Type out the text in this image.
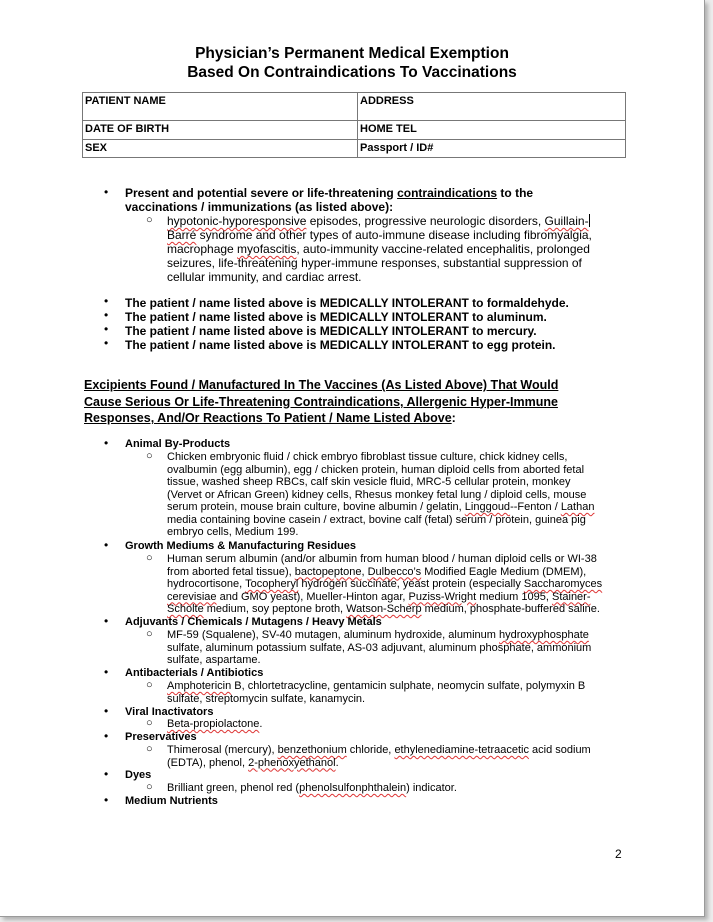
Physician’s Permanent Medical Exemption
Based On Contraindications To Vaccinations
PATIENT NAME	ADDRESS
DATE OF BIRTH	HOME TEL
SEX	Passport / ID#
• Present and potential severe or life-threatening contraindications to the
vaccinations / immunizations (as listed above):
○ hypotonic-hyporesponsive episodes, progressive neurologic disorders, Guillain-
Barré syndrome and other types of auto-immune disease including fibromyalgia,
macrophage myofascitis, auto-immunity vaccine-related encephalitis, prolonged
seizures, life-threatening hyper-immune responses, substantial suppression of
cellular immunity, and cardiac arrest.
• The patient / name listed above is MEDICALLY INTOLERANT to formaldehyde.
• The patient / name listed above is MEDICALLY INTOLERANT to aluminum.
• The patient / name listed above is MEDICALLY INTOLERANT to mercury.
• The patient / name listed above is MEDICALLY INTOLERANT to egg protein.
Excipients Found / Manufactured In The Vaccines (As Listed Above) That Would
Cause Serious Or Life-Threatening Contraindications, Allergenic Hyper-Immune
Responses, And/Or Reactions To Patient / Name Listed Above:
• Animal By-Products
○ Chicken embryonic fluid / chick embryo fibroblast tissue culture, chick kidney cells,
ovalbumin (egg albumin), egg / chicken protein, human diploid cells from aborted fetal
tissue, washed sheep RBCs, calf skin vesicle fluid, MRC-5 cellular protein, monkey
(Vervet or African Green) kidney cells, Rhesus monkey fetal lung / diploid cells, mouse
serum protein, mouse brain culture, bovine albumin / gelatin, Linggoud--Fenton / Lathan
media containing bovine casein / extract, bovine calf (fetal) serum / protein, guinea pig
embryo cells, Medium 199.
• Growth Mediums & Manufacturing Residues
○ Human serum albumin (and/or albumin from human blood / human diploid cells or WI-38
from aborted fetal tissue), bactopeptone, Dulbecco’s Modified Eagle Medium (DMEM),
hydrocortisone, Tocopheryl hydrogen succinate, yeast protein (especially Saccharomyces
cerevisiae and GMO yeast), Mueller-Hinton agar, Puziss-Wright medium 1095, Stainer-
Scholte medium, soy peptone broth, Watson-Scherp medium, phosphate-buffered saline.
• Adjuvants / Chemicals / Mutagens / Heavy Metals
○ MF-59 (Squalene), SV-40 mutagen, aluminum hydroxide, aluminum hydroxyphosphate
sulfate, aluminum potassium sulfate, AS-03 adjuvant, aluminum phosphate, ammonium
sulfate, aspartame.
• Antibacterials / Antibiotics
○ Amphotericin B, chlortetracycline, gentamicin sulphate, neomycin sulfate, polymyxin B
sulfate, streptomycin sulfate, kanamycin.
• Viral Inactivators
○ Beta-propiolactone.
• Preservatives
○ Thimerosal (mercury), benzethonium chloride, ethylenediamine-tetraacetic acid sodium
(EDTA), phenol, 2-phenoxyethanol.
• Dyes
○ Brilliant green, phenol red (phenolsulfonphthalein) indicator.
• Medium Nutrients
2
